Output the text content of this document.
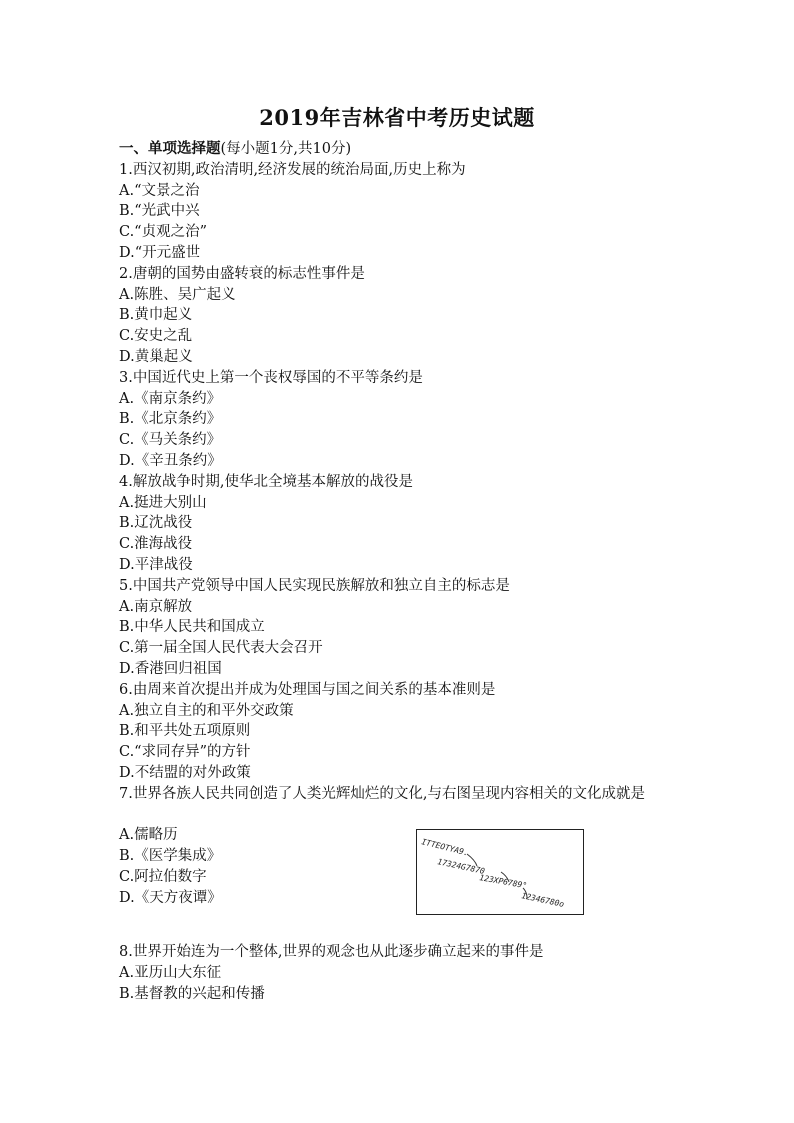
2019年吉林省中考历史试题
一、单项选择题(每小题1分,共10分)
1.西汉初期,政治清明,经济发展的统治局面,历史上称为
A.“文景之治
B.“光武中兴
C.“贞观之治”
D.“开元盛世
2.唐朝的国势由盛转衰的标志性事件是
A.陈胜、吴广起义
B.黄巾起义
C.安史之乱
D.黄巢起义
3.中国近代史上第一个丧权辱国的不平等条约是
A.《南京条约》
B.《北京条约》
C.《马关条约》
D.《辛丑条约》
4.解放战争时期,使华北全境基本解放的战役是
A.挺进大别山
B.辽沈战役
C.淮海战役
D.平津战役
5.中国共产党领导中国人民实现民族解放和独立自主的标志是
A.南京解放
B.中华人民共和国成立
C.第一届全国人民代表大会召开
D.香港回归祖国
6.由周来首次提出并成为处理国与国之间关系的基本准则是
A.独立自主的和平外交政策
B.和平共处五项原则
C.“求同存异”的方针
D.不结盟的对外政策
7.世界各族人民共同创造了人类光辉灿烂的文化,与右图呈现内容相关的文化成就是
A.儒略历
B.《医学集成》
C.阿拉伯数字
D.《天方夜谭》
8.世界开始连为一个整体,世界的观念也从此逐步确立起来的事件是
A.亚历山大东征
B.基督教的兴起和传播
ITTEOTYA9.
17324G7870
123XP6789°
12346780o
